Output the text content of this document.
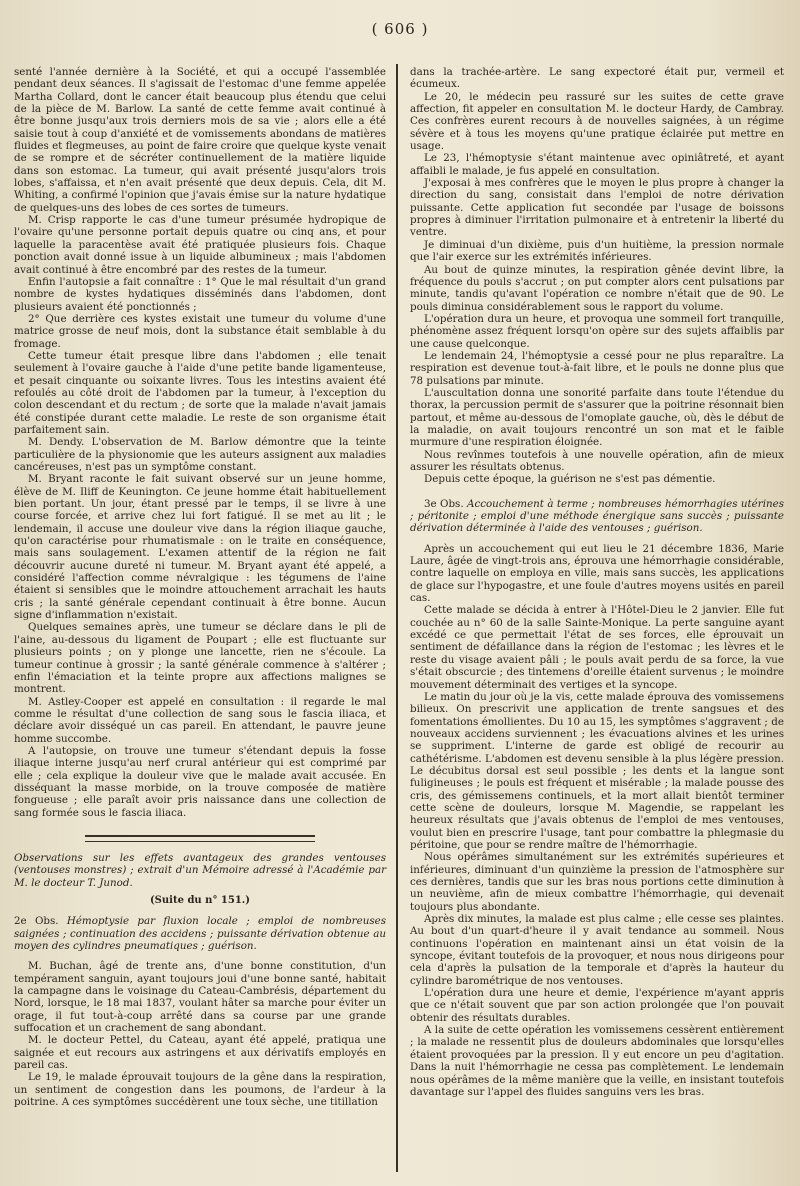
( 606 )

senté l'année dernière à la Société, et qui a occupé l'assemblée pendant deux séances. Il s'agissait de l'estomac d'une femme appelée Martha Collard, dont le cancer était beaucoup plus étendu que celui de la pièce de M. Barlow. La santé de cette femme avait continué à être bonne jusqu'aux trois derniers mois de sa vie ; alors elle a été saisie tout à coup d'anxiété et de vomissements abondans de matières fluides et flegmeuses, au point de faire croire que quelque kyste venait de se rompre et de sécréter continuellement de la matière liquide dans son estomac. La tumeur, qui avait présenté jusqu'alors trois lobes, s'affaissa, et n'en avait présenté que deux depuis. Cela, dit M. Whiting, a confirmé l'opinion que j'avais émise sur la nature hydatique de quelques-uns des lobes de ces sortes de tumeurs.

M. Crisp rapporte le cas d'une tumeur présumée hydropique de l'ovaire qu'une personne portait depuis quatre ou cinq ans, et pour laquelle la paracentèse avait été pratiquée plusieurs fois. Chaque ponction avait donné issue à un liquide albumineux ; mais l'abdomen avait continué à être encombré par des restes de la tumeur.

Enfin l'autopsie a fait connaître : 1° Que le mal résultait d'un grand nombre de kystes hydatiques disséminés dans l'abdomen, dont plusieurs avaient été ponctionnés ;

2° Que derrière ces kystes existait une tumeur du volume d'une matrice grosse de neuf mois, dont la substance était semblable à du fromage.

Cette tumeur était presque libre dans l'abdomen ; elle tenait seulement à l'ovaire gauche à l'aide d'une petite bande ligamenteuse, et pesait cinquante ou soixante livres. Tous les intestins avaient été refoulés au côté droit de l'abdomen par la tumeur, à l'exception du colon descendant et du rectum ; de sorte que la malade n'avait jamais été constipée durant cette maladie. Le reste de son organisme était parfaitement sain.

M. Dendy. L'observation de M. Barlow démontre que la teinte particulière de la physionomie que les auteurs assignent aux maladies cancéreuses, n'est pas un symptôme constant.

M. Bryant raconte le fait suivant observé sur un jeune homme, élève de M. Iliff de Keunington. Ce jeune homme était habituellement bien portant. Un jour, étant pressé par le temps, il se livre à une course forcée, et arrive chez lui fort fatigué. Il se met au lit ; le lendemain, il accuse une douleur vive dans la région iliaque gauche, qu'on caractérise pour rhumatismale : on le traite en conséquence, mais sans soulagement. L'examen attentif de la région ne fait découvrir aucune dureté ni tumeur. M. Bryant ayant été appelé, a considéré l'affection comme névralgique : les tégumens de l'aine étaient si sensibles que le moindre attouchement arrachait les hauts cris ; la santé générale cependant continuait à être bonne. Aucun signe d'inflammation n'existait.

Quelques semaines après, une tumeur se déclare dans le pli de l'aine, au-dessous du ligament de Poupart ; elle est fluctuante sur plusieurs points ; on y plonge une lancette, rien ne s'écoule. La tumeur continue à grossir ; la santé générale commence à s'altérer ; enfin l'émaciation et la teinte propre aux affections malignes se montrent.

M. Astley-Cooper est appelé en consultation : il regarde le mal comme le résultat d'une collection de sang sous le fascia iliaca, et déclare avoir disséqué un cas pareil. En attendant, le pauvre jeune homme succombe.

A l'autopsie, on trouve une tumeur s'étendant depuis la fosse iliaque interne jusqu'au nerf crural antérieur qui est comprimé par elle ; cela explique la douleur vive que le malade avait accusée. En disséquant la masse morbide, on la trouve composée de matière fongueuse ; elle paraît avoir pris naissance dans une collection de sang formée sous le fascia iliaca.

Observations sur les effets avantageux des grandes ventouses (ventouses monstres) ; extrait d'un Mémoire adressé à l'Académie par M. le docteur T. Junod.

(Suite du n° 151.)

2e Obs. Hémoptysie par fluxion locale ; emploi de nombreuses saignées ; continuation des accidens ; puissante dérivation obtenue au moyen des cylindres pneumatiques ; guérison.

M. Buchan, âgé de trente ans, d'une bonne constitution, d'un tempérament sanguin, ayant toujours joui d'une bonne santé, habitait la campagne dans le voisinage du Cateau-Cambrésis, département du Nord, lorsque, le 18 mai 1837, voulant hâter sa marche pour éviter un orage, il fut tout-à-coup arrêté dans sa course par une grande suffocation et un crachement de sang abondant.

M. le docteur Pettel, du Cateau, ayant été appelé, pratiqua une saignée et eut recours aux astringens et aux dérivatifs employés en pareil cas.

Le 19, le malade éprouvait toujours de la gêne dans la respiration, un sentiment de congestion dans les poumons, de l'ardeur à la poitrine. A ces symptômes succédèrent une toux sèche, une titillation

dans la trachée-artère. Le sang expectoré était pur, vermeil et écumeux.

Le 20, le médecin peu rassuré sur les suites de cette grave affection, fit appeler en consultation M. le docteur Hardy, de Cambray. Ces confrères eurent recours à de nouvelles saignées, à un régime sévère et à tous les moyens qu'une pratique éclairée put mettre en usage.

Le 23, l'hémoptysie s'étant maintenue avec opiniâtreté, et ayant affaibli le malade, je fus appelé en consultation.

J'exposai à mes confrères que le moyen le plus propre à changer la direction du sang, consistait dans l'emploi de notre dérivation puissante. Cette application fut secondée par l'usage de boissons propres à diminuer l'irritation pulmonaire et à entretenir la liberté du ventre.

Je diminuai d'un dixième, puis d'un huitième, la pression normale que l'air exerce sur les extrémités inférieures.

Au bout de quinze minutes, la respiration gênée devint libre, la fréquence du pouls s'accrut ; on put compter alors cent pulsations par minute, tandis qu'avant l'opération ce nombre n'était que de 90. Le pouls diminua considérablement sous le rapport du volume.

L'opération dura un heure, et provoqua une sommeil fort tranquille, phénomène assez fréquent lorsqu'on opère sur des sujets affaiblis par une cause quelconque.

Le lendemain 24, l'hémoptysie a cessé pour ne plus reparaître. La respiration est devenue tout-à-fait libre, et le pouls ne donne plus que 78 pulsations par minute.

L'auscultation donna une sonorité parfaite dans toute l'étendue du thorax, la percussion permit de s'assurer que la poitrine résonnait bien partout, et même au-dessous de l'omoplate gauche, où, dès le début de la maladie, on avait toujours rencontré un son mat et le faible murmure d'une respiration éloignée.

Nous revînmes toutefois à une nouvelle opération, afin de mieux assurer les résultats obtenus.

Depuis cette époque, la guérison ne s'est pas démentie.

3e Obs. Accouchement à terme ; nombreuses hémorrhagies utérines ; péritonite ; emploi d'une méthode énergique sans succès ; puissante dérivation déterminée à l'aide des ventouses ; guérison.

Après un accouchement qui eut lieu le 21 décembre 1836, Marie Laure, âgée de vingt-trois ans, éprouva une hémorrhagie considérable, contre laquelle on employa en ville, mais sans succès, les applications de glace sur l'hypogastre, et une foule d'autres moyens usités en pareil cas.

Cette malade se décida à entrer à l'Hôtel-Dieu le 2 janvier. Elle fut couchée au n° 60 de la salle Sainte-Monique. La perte sanguine ayant excédé ce que permettait l'état de ses forces, elle éprouvait un sentiment de défaillance dans la région de l'estomac ; les lèvres et le reste du visage avaient pâli ; le pouls avait perdu de sa force, la vue s'était obscurcie ; des tintemens d'oreille étaient survenus ; le moindre mouvement déterminait des vertiges et la syncope.

Le matin du jour où je la vis, cette malade éprouva des vomissemens bilieux. On prescrivit une application de trente sangsues et des fomentations émollientes. Du 10 au 15, les symptômes s'aggravent ; de nouveaux accidens surviennent ; les évacuations alvines et les urines se suppriment. L'interne de garde est obligé de recourir au cathétérisme. L'abdomen est devenu sensible à la plus légère pression. Le décubitus dorsal est seul possible ; les dents et la langue sont fuligineuses ; le pouls est fréquent et misérable ; la malade pousse des cris, des gémissemens continuels, et la mort allait bientôt terminer cette scène de douleurs, lorsque M. Magendie, se rappelant les heureux résultats que j'avais obtenus de l'emploi de mes ventouses, voulut bien en prescrire l'usage, tant pour combattre la phlegmasie du péritoine, que pour se rendre maître de l'hémorrhagie.

Nous opérâmes simultanément sur les extrémités supérieures et inférieures, diminuant d'un quinzième la pression de l'atmosphère sur ces dernières, tandis que sur les bras nous portions cette diminution à un neuvième, afin de mieux combattre l'hémorrhagie, qui devenait toujours plus abondante.

Après dix minutes, la malade est plus calme ; elle cesse ses plaintes. Au bout d'un quart-d'heure il y avait tendance au sommeil. Nous continuons l'opération en maintenant ainsi un état voisin de la syncope, évitant toutefois de la provoquer, et nous nous dirigeons pour cela d'après la pulsation de la temporale et d'après la hauteur du cylindre barométrique de nos ventouses.

L'opération dura une heure et demie, l'expérience m'ayant appris que ce n'était souvent que par son action prolongée que l'on pouvait obtenir des résultats durables.

A la suite de cette opération les vomissemens cessèrent entièrement ; la malade ne ressentit plus de douleurs abdominales que lorsqu'elles étaient provoquées par la pression. Il y eut encore un peu d'agitation. Dans la nuit l'hémorrhagie ne cessa pas complètement. Le lendemain nous opérâmes de la même manière que la veille, en insistant toutefois davantage sur l'appel des fluides sanguins vers les bras.
